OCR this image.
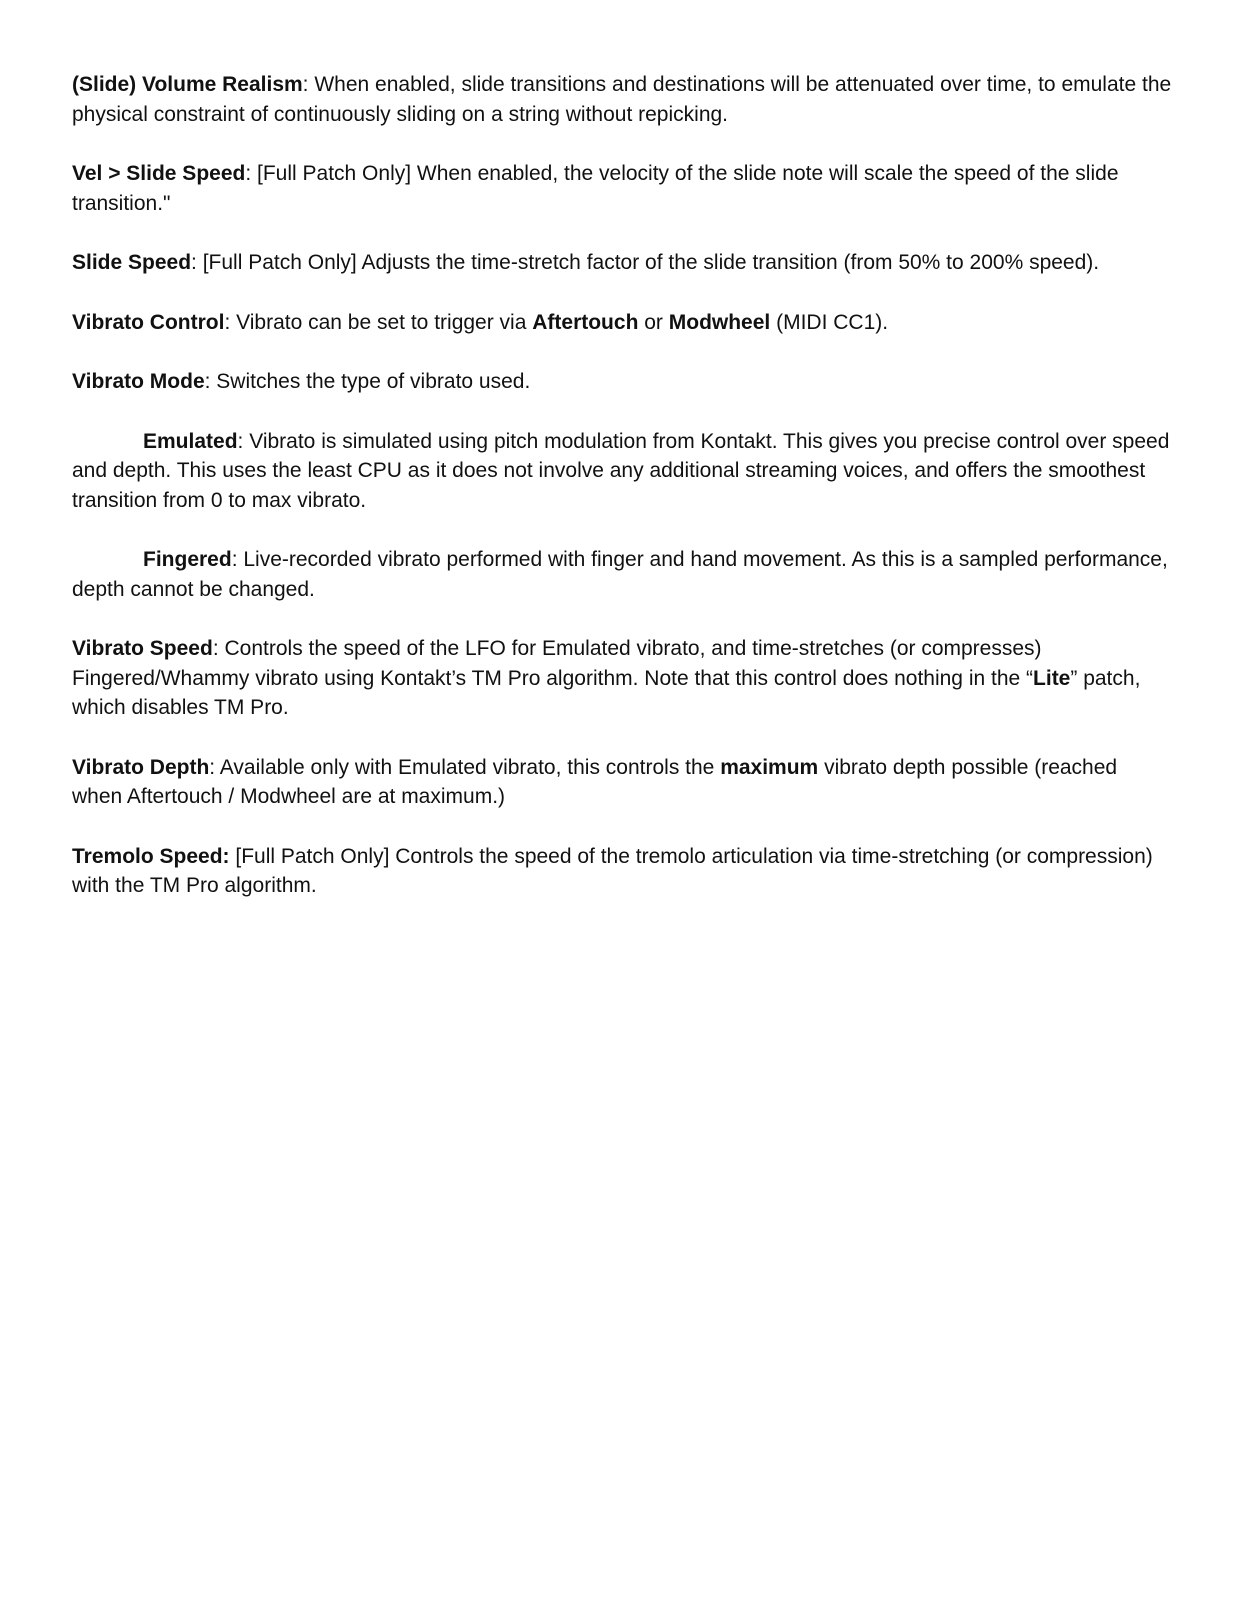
(Slide) Volume Realism: When enabled, slide transitions and destinations will be attenuated over time, to emulate the physical constraint of continuously sliding on a string without repicking.

Vel > Slide Speed: [Full Patch Only] When enabled, the velocity of the slide note will scale the speed of the slide transition."

Slide Speed: [Full Patch Only] Adjusts the time-stretch factor of the slide transition (from 50% to 200% speed).

Vibrato Control: Vibrato can be set to trigger via Aftertouch or Modwheel (MIDI CC1).

Vibrato Mode: Switches the type of vibrato used.

Emulated: Vibrato is simulated using pitch modulation from Kontakt. This gives you precise control over speed and depth. This uses the least CPU as it does not involve any additional streaming voices, and offers the smoothest transition from 0 to max vibrato.

Fingered: Live-recorded vibrato performed with finger and hand movement. As this is a sampled performance, depth cannot be changed.

Vibrato Speed: Controls the speed of the LFO for Emulated vibrato, and time-stretches (or compresses) Fingered/Whammy vibrato using Kontakt’s TM Pro algorithm. Note that this control does nothing in the “Lite” patch, which disables TM Pro.

Vibrato Depth: Available only with Emulated vibrato, this controls the maximum vibrato depth possible (reached when Aftertouch / Modwheel are at maximum.)

Tremolo Speed: [Full Patch Only] Controls the speed of the tremolo articulation via time-stretching (or compression) with the TM Pro algorithm.
